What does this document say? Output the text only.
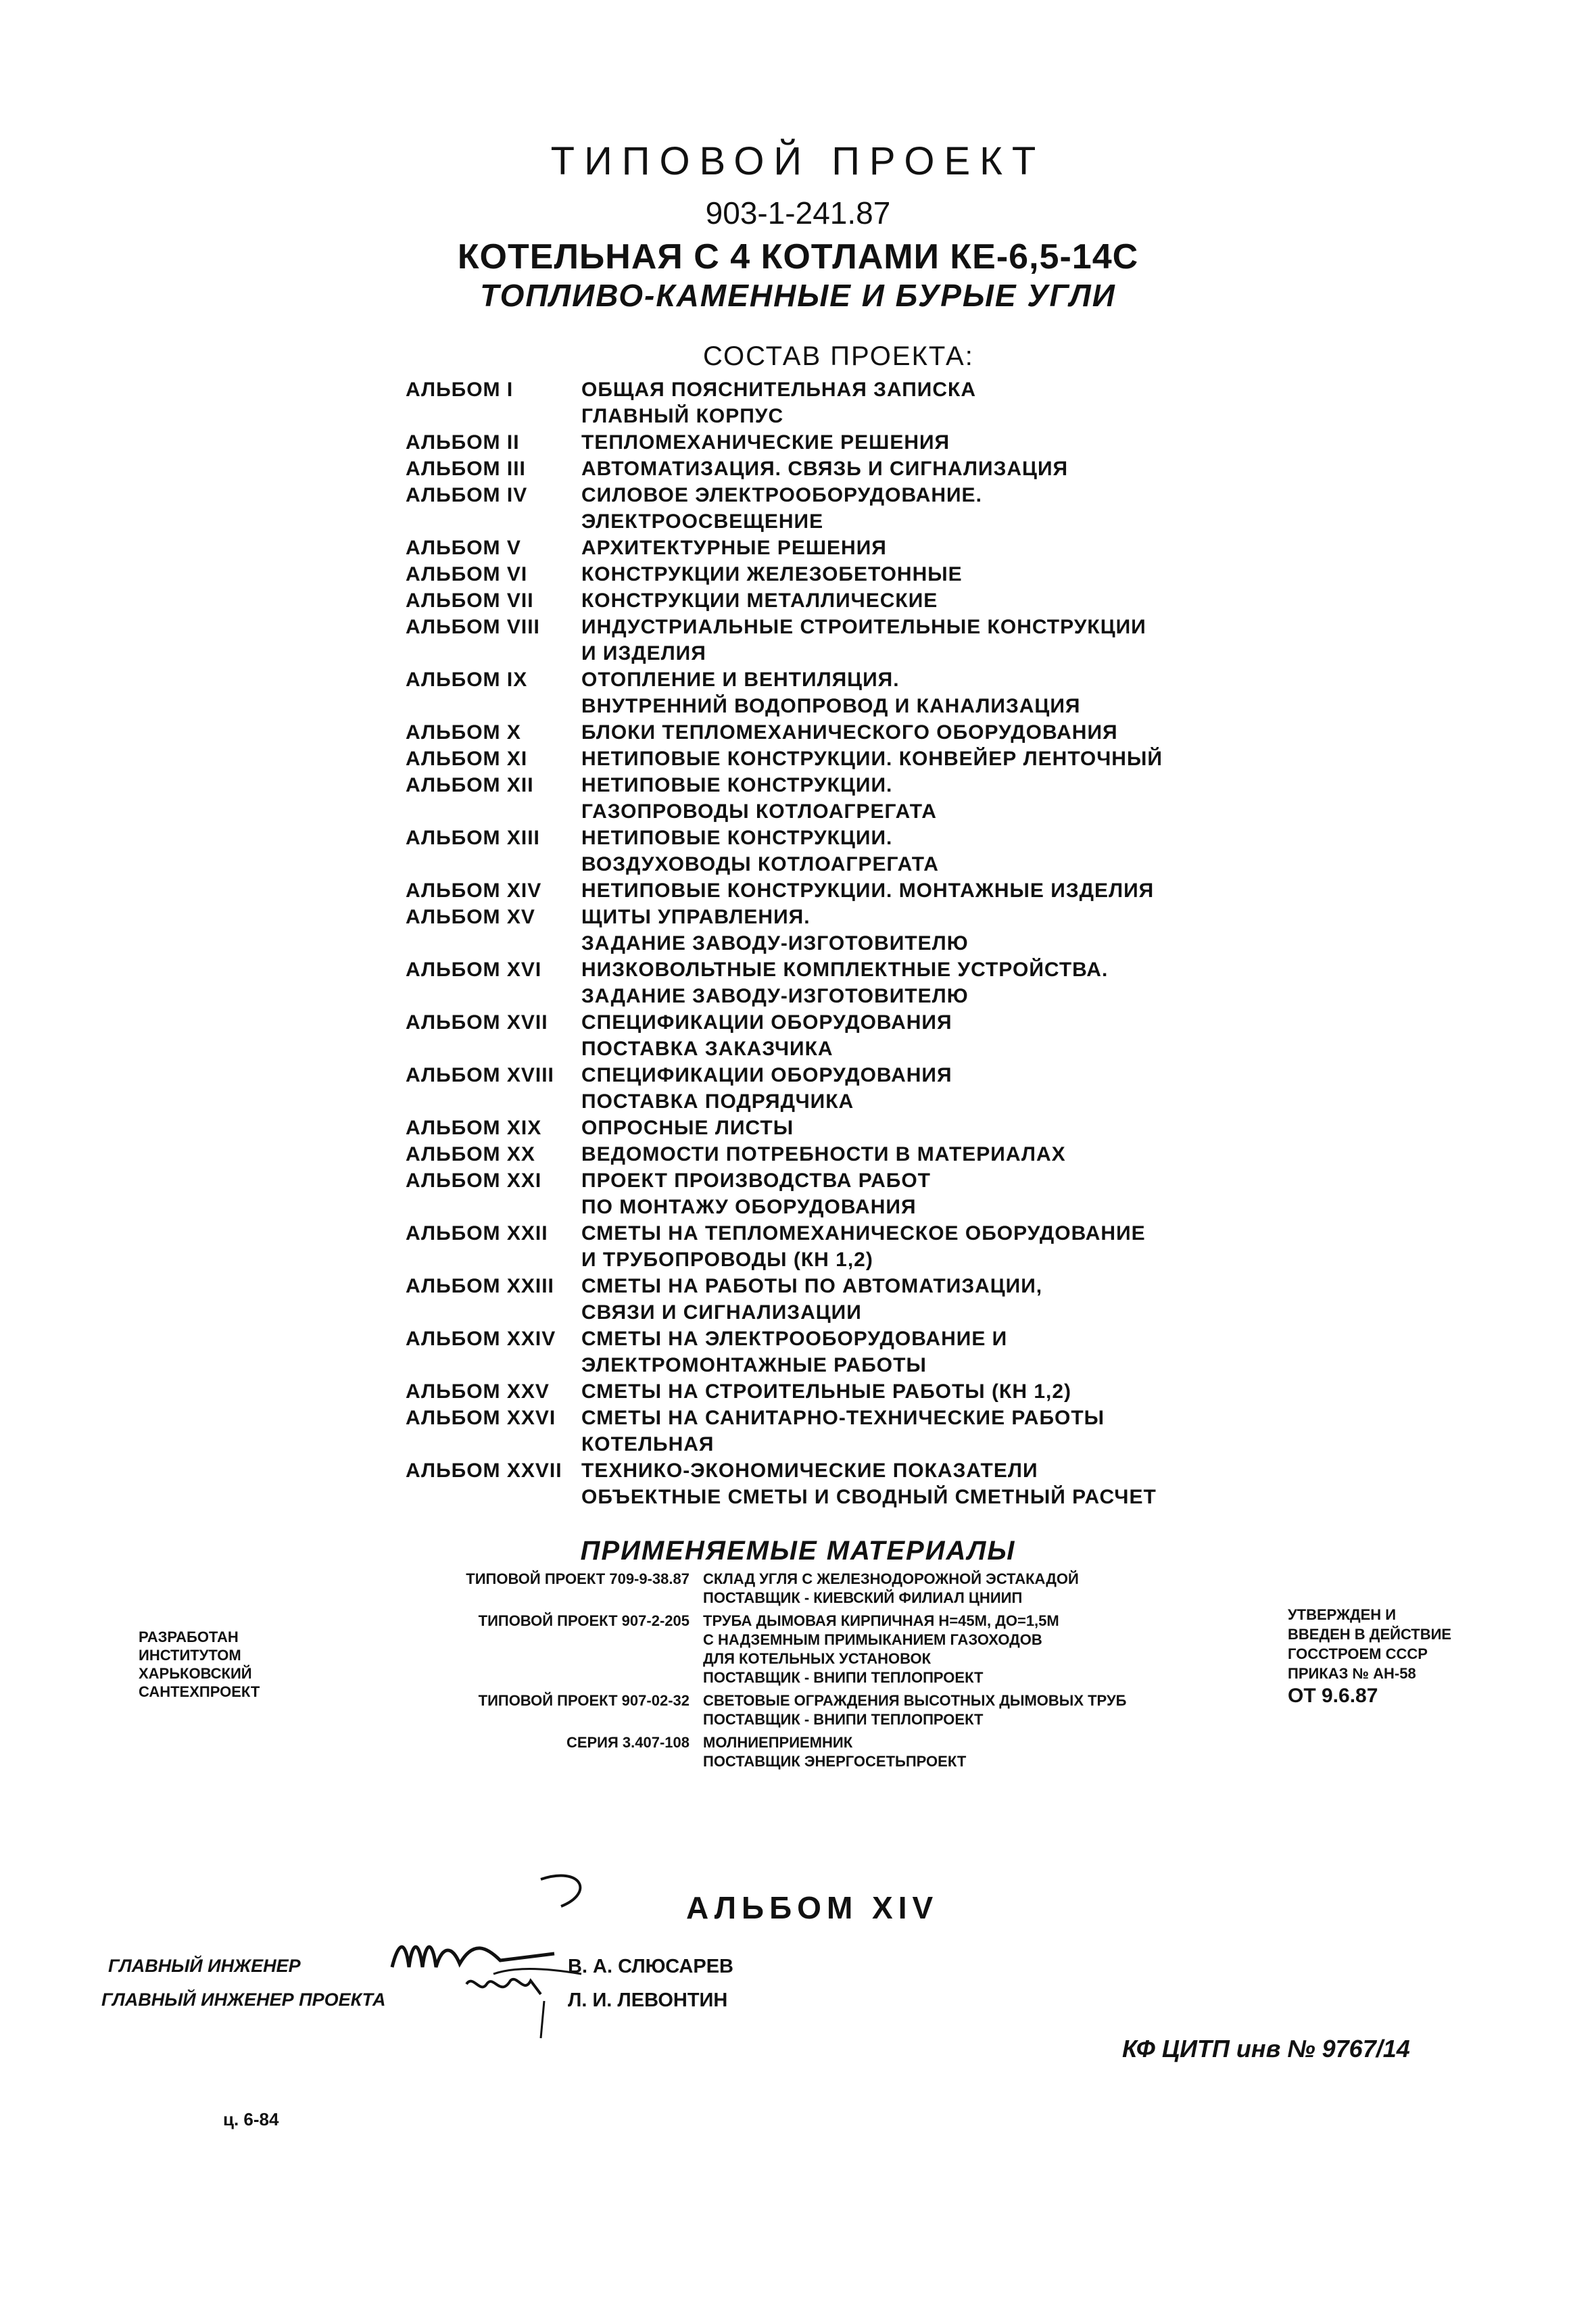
ТИПОВОЙ ПРОЕКТ
903-1-241.87
КОТЕЛЬНАЯ С 4 КОТЛАМИ КЕ-6,5-14С
ТОПЛИВО-КАМЕННЫЕ И БУРЫЕ УГЛИ
СОСТАВ ПРОЕКТА:
АЛЬБОМ I	ОБЩАЯ ПОЯСНИТЕЛЬНАЯ ЗАПИСКА
ГЛАВНЫЙ КОРПУС
АЛЬБОМ II	ТЕПЛОМЕХАНИЧЕСКИЕ РЕШЕНИЯ
АЛЬБОМ III	АВТОМАТИЗАЦИЯ. СВЯЗЬ И СИГНАЛИЗАЦИЯ
АЛЬБОМ IV	СИЛОВОЕ ЭЛЕКТРООБОРУДОВАНИЕ.
ЭЛЕКТРООСВЕЩЕНИЕ
АЛЬБОМ V	АРХИТЕКТУРНЫЕ РЕШЕНИЯ
АЛЬБОМ VI	КОНСТРУКЦИИ ЖЕЛЕЗОБЕТОННЫЕ
АЛЬБОМ VII КОНСТРУКЦИИ МЕТАЛЛИЧЕСКИЕ
АЛЬБОМ VIII ИНДУСТРИАЛЬНЫЕ СТРОИТЕЛЬНЫЕ КОНСТРУКЦИИ
И ИЗДЕЛИЯ
АЛЬБОМ IX	ОТОПЛЕНИЕ И ВЕНТИЛЯЦИЯ.
ВНУТРЕННИЙ ВОДОПРОВОД И КАНАЛИЗАЦИЯ
АЛЬБОМ X	БЛОКИ ТЕПЛОМЕХАНИЧЕСКОГО ОБОРУДОВАНИЯ
АЛЬБОМ XI	НЕТИПОВЫЕ КОНСТРУКЦИИ. КОНВЕЙЕР ЛЕНТОЧНЫЙ
АЛЬБОМ XII НЕТИПОВЫЕ КОНСТРУКЦИИ.
ГАЗОПРОВОДЫ КОТЛОАГРЕГАТА
АЛЬБОМ XIII НЕТИПОВЫЕ КОНСТРУКЦИИ.
ВОЗДУХОВОДЫ КОТЛОАГРЕГАТА
АЛЬБОМ XIV НЕТИПОВЫЕ КОНСТРУКЦИИ. МОНТАЖНЫЕ ИЗДЕЛИЯ
АЛЬБОМ XV ЩИТЫ УПРАВЛЕНИЯ.
ЗАДАНИЕ ЗАВОДУ-ИЗГОТОВИТЕЛЮ
АЛЬБОМ XVI НИЗКОВОЛЬТНЫЕ КОМПЛЕКТНЫЕ УСТРОЙСТВА.
ЗАДАНИЕ ЗАВОДУ-ИЗГОТОВИТЕЛЮ
АЛЬБОМ XVII СПЕЦИФИКАЦИИ ОБОРУДОВАНИЯ
ПОСТАВКА ЗАКАЗЧИКА
АЛЬБОМ XVIII СПЕЦИФИКАЦИИ ОБОРУДОВАНИЯ
ПОСТАВКА ПОДРЯДЧИКА
АЛЬБОМ XIX ОПРОСНЫЕ ЛИСТЫ
АЛЬБОМ XX ВЕДОМОСТИ ПОТРЕБНОСТИ В МАТЕРИАЛАХ
АЛЬБОМ XXI ПРОЕКТ ПРОИЗВОДСТВА РАБОТ
ПО МОНТАЖУ ОБОРУДОВАНИЯ
АЛЬБОМ XXII СМЕТЫ НА ТЕПЛОМЕХАНИЧЕСКОЕ ОБОРУДОВАНИЕ
И ТРУБОПРОВОДЫ (КН 1,2)
АЛЬБОМ XXIII СМЕТЫ НА РАБОТЫ ПО АВТОМАТИЗАЦИИ,
СВЯЗИ И СИГНАЛИЗАЦИИ
АЛЬБОМ XXIV СМЕТЫ НА ЭЛЕКТРООБОРУДОВАНИЕ И
ЭЛЕКТРОМОНТАЖНЫЕ РАБОТЫ
АЛЬБОМ XXV СМЕТЫ НА СТРОИТЕЛЬНЫЕ РАБОТЫ (КН 1,2)
АЛЬБОМ XXVI СМЕТЫ НА САНИТАРНО-ТЕХНИЧЕСКИЕ РАБОТЫ
КОТЕЛЬНАЯ
АЛЬБОМ XXVII ТЕХНИКО-ЭКОНОМИЧЕСКИЕ ПОКАЗАТЕЛИ
ОБЪЕКТНЫЕ СМЕТЫ И СВОДНЫЙ СМЕТНЫЙ РАСЧЕТ
ПРИМЕНЯЕМЫЕ МАТЕРИАЛЫ
ТИПОВОЙ ПРОЕКТ 709-9-38.87 СКЛАД УГЛЯ С ЖЕЛЕЗНОДОРОЖНОЙ ЭСТАКАДОЙ
ПОСТАВЩИК - КИЕВСКИЙ ФИЛИАЛ ЦНИИП
ТИПОВОЙ ПРОЕКТ 907-2-205 ТРУБА ДЫМОВАЯ КИРПИЧНАЯ Н=45М, ДО=1,5М
С НАДЗЕМНЫМ ПРИМЫКАНИЕМ ГАЗОХОДОВ
ДЛЯ КОТЕЛЬНЫХ УСТАНОВОК
ПОСТАВЩИК - ВНИПИ ТЕПЛОПРОЕКТ
ТИПОВОЙ ПРОЕКТ 907-02-32 СВЕТОВЫЕ ОГРАЖДЕНИЯ ВЫСОТНЫХ ДЫМОВЫХ ТРУБ
ПОСТАВЩИК - ВНИПИ ТЕПЛОПРОЕКТ
СЕРИЯ 3.407-108 МОЛНИЕПРИЕМНИК
ПОСТАВЩИК ЭНЕРГОСЕТЬПРОЕКТ
РАЗРАБОТАН
ИНСТИТУТОМ
ХАРЬКОВСКИЙ
САНТЕХПРОЕКТ
УТВЕРЖДЕН И
ВВЕДЕН В ДЕЙСТВИЕ
ГОССТРОЕМ СССР
ПРИКАЗ № АН-58
ОТ 9.6.87
АЛЬБОМ XIV
ГЛАВНЫЙ ИНЖЕНЕР	В. А. СЛЮСАРЕВ
ГЛАВНЫЙ ИНЖЕНЕР ПРОЕКТА	Л. И. ЛЕВОНТИН
КФ ЦИТП инв № 9767/14
ц. 6-84
